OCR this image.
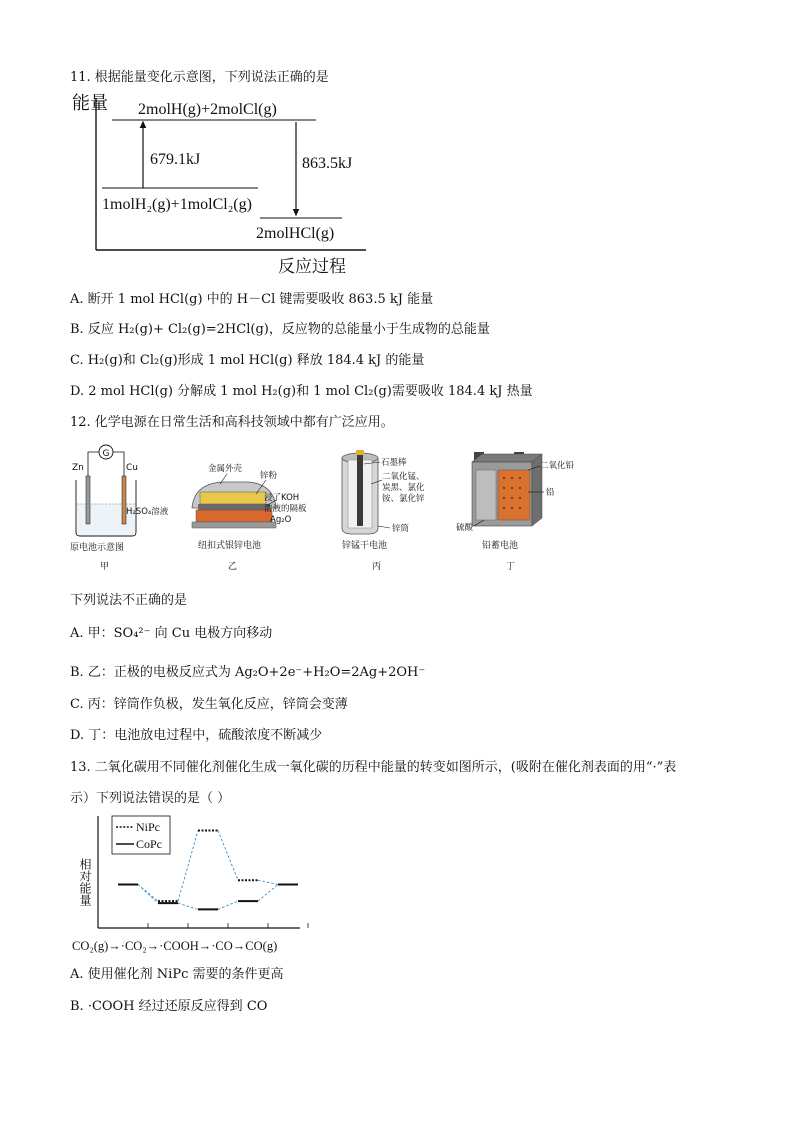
11. 根据能量变化示意图，下列说法正确的是
能量
反应过程
2molH(g)+2molCl(g)
1molH₂(g)+1molCl₂(g)
2molHCl(g)
679.1kJ	863.5kJ
A. 断开 1 mol HCl(g) 中的 H－Cl 键需要吸收 863.5 kJ 能量
B. 反应 H₂(g)+ Cl₂(g)=2HCl(g)，反应物的总能量小于生成物的总能量
C. H₂(g)和 Cl₂(g)形成 1 mol HCl(g) 释放 184.4 kJ 的能量
D. 2 mol HCl(g) 分解成 1 mol H₂(g)和 1 mol Cl₂(g)需要吸收 184.4 kJ 热量
12. 化学电源在日常生活和高科技领域中都有广泛应用。
G
Zn	Cu
H₂SO₄溶液
原电池示意图
甲
金属外壳
锌粉
浸了KOH
溶液的隔板
Ag₂O
纽扣式银锌电池
乙
石墨棒
二氧化锰、
炭黑、氯化
铵、氯化锌
锌筒
锌锰干电池
丙
二氧化铅
铅
硫酸
铅蓄电池
丁
下列说法不正确的是
A. 甲：SO₄²⁻ 向 Cu 电极方向移动
B. 乙：正极的电极反应式为 Ag₂O+2e⁻+H₂O=2Ag+2OH⁻
C. 丙：锌筒作负极，发生氧化反应，锌筒会变薄
D. 丁：电池放电过程中，硫酸浓度不断减少
13. 二氧化碳用不同催化剂催化生成一氧化碳的历程中能量的转变如图所示，(吸附在催化剂表面的用“·”表
示）下列说法错误的是（ ）
相对能量
CO₂(g)→·CO₂→·COOH→·CO→CO(g)
NiPc
CoPc
A. 使用催化剂 NiPc 需要的条件更高
B. ·COOH 经过还原反应得到 CO
